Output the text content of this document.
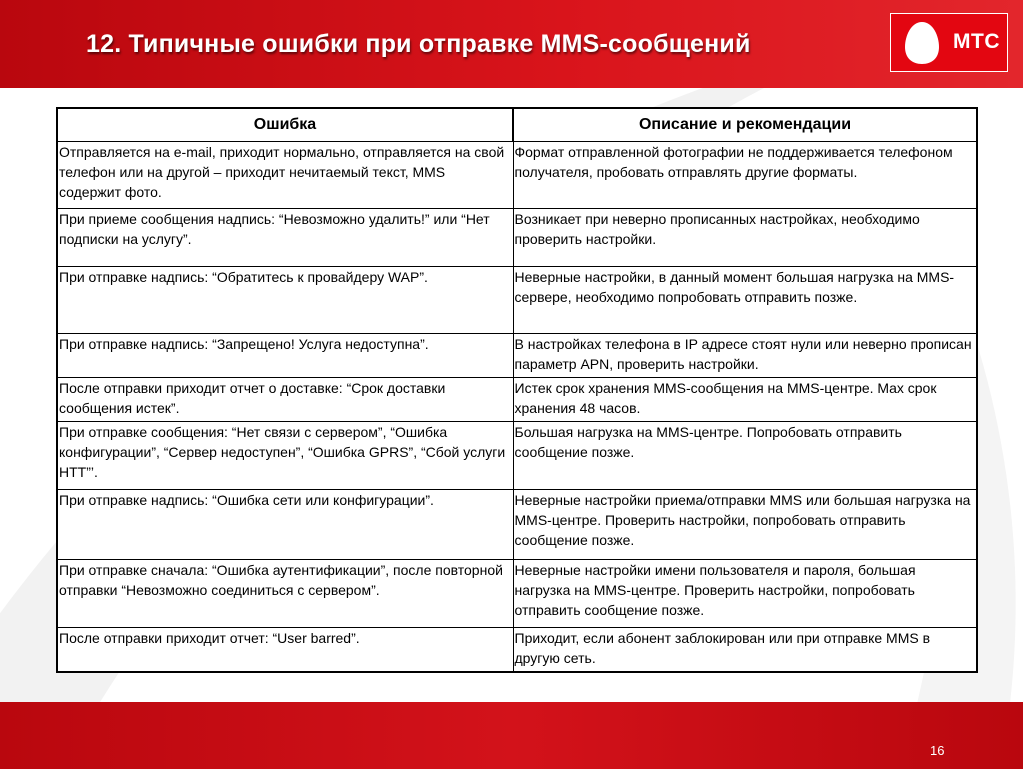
12. Типичные ошибки при отправке MMS-сообщений	МТС
Ошибка	Описание и рекомендации
Отправляется на e-mail, приходит нормально, отправляется на свой телефон или на другой – приходит нечитаемый текст, MMS содержит фото.	Формат отправленной фотографии не поддерживается телефоном получателя, пробовать отправлять другие форматы.
При приеме сообщения надпись: “Невозможно удалить!” или “Нет подписки на услугу”.	Возникает при неверно прописанных настройках, необходимо проверить настройки.
При отправке надпись: “Обратитесь к провайдеру WAP”.	Неверные настройки, в данный момент большая нагрузка на MMS-сервере, необходимо попробовать отправить позже.
При отправке надпись: “Запрещено! Услуга недоступна”.	В настройках телефона в IP адресе стоят нули или неверно прописан параметр APN, проверить настройки.
После отправки приходит отчет о доставке: “Срок доставки сообщения истек”.	Истек срок хранения MMS-сообщения на MMS-центре. Max срок хранения 48 часов.
При отправке сообщения: “Нет связи с сервером”, “Ошибка конфигурации”, “Сервер недоступен”, “Ошибка GPRS”, “Сбой услуги HTT”’.	Большая нагрузка на MMS-центре. Попробовать отправить сообщение позже.
При отправке надпись: “Ошибка сети или конфигурации”.	Неверные настройки приема/отправки MMS или большая нагрузка на MMS-центре. Проверить настройки, попробовать отправить сообщение позже.
При отправке сначала: “Ошибка аутентификации”, после повторной отправки “Невозможно соединиться с сервером”.	Неверные настройки имени пользователя и пароля, большая нагрузка на MMS-центре. Проверить настройки, попробовать отправить сообщение позже.
После отправки приходит отчет: “User barred”.	Приходит, если абонент заблокирован или при отправке MMS в другую сеть.
16
